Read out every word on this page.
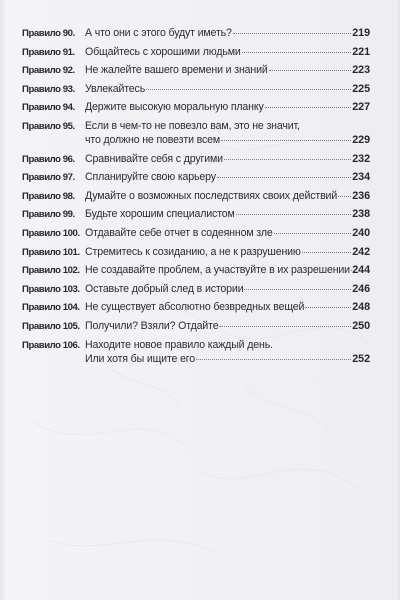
Правило 90. А что они с этого будут иметь?	219
Правило 91. Общайтесь с хорошими людьми	221
Правило 92. Не жалейте вашего времени и знаний	223
Правило 93. Увлекайтесь	225
Правило 94. Держите высокую моральную планку	227
Правило 95. Если в чем-то не повезло вам, это не значит,
что должно не повезти всем	229
Правило 96. Сравнивайте себя с другими	232
Правило 97. Спланируйте свою карьеру	234
Правило 98. Думайте о возможных последствиях своих действий 236
Правило 99. Будьте хорошим специалистом	238
Правило 100. Отдавайте себе отчет в содеянном зле	240
Правило 101. Стремитесь к созиданию, а не к разрушению	242
Правило 102. Не создавайте проблем, а участвуйте в их разрешении 244
Правило 103. Оставьте добрый след в истории	246
Правило 104. Не существует абсолютно безвредных вещей	248
Правило 105. Получили? Взяли? Отдайте	250
Правило 106. Находите новое правило каждый день.
Или хотя бы ищите его	252
